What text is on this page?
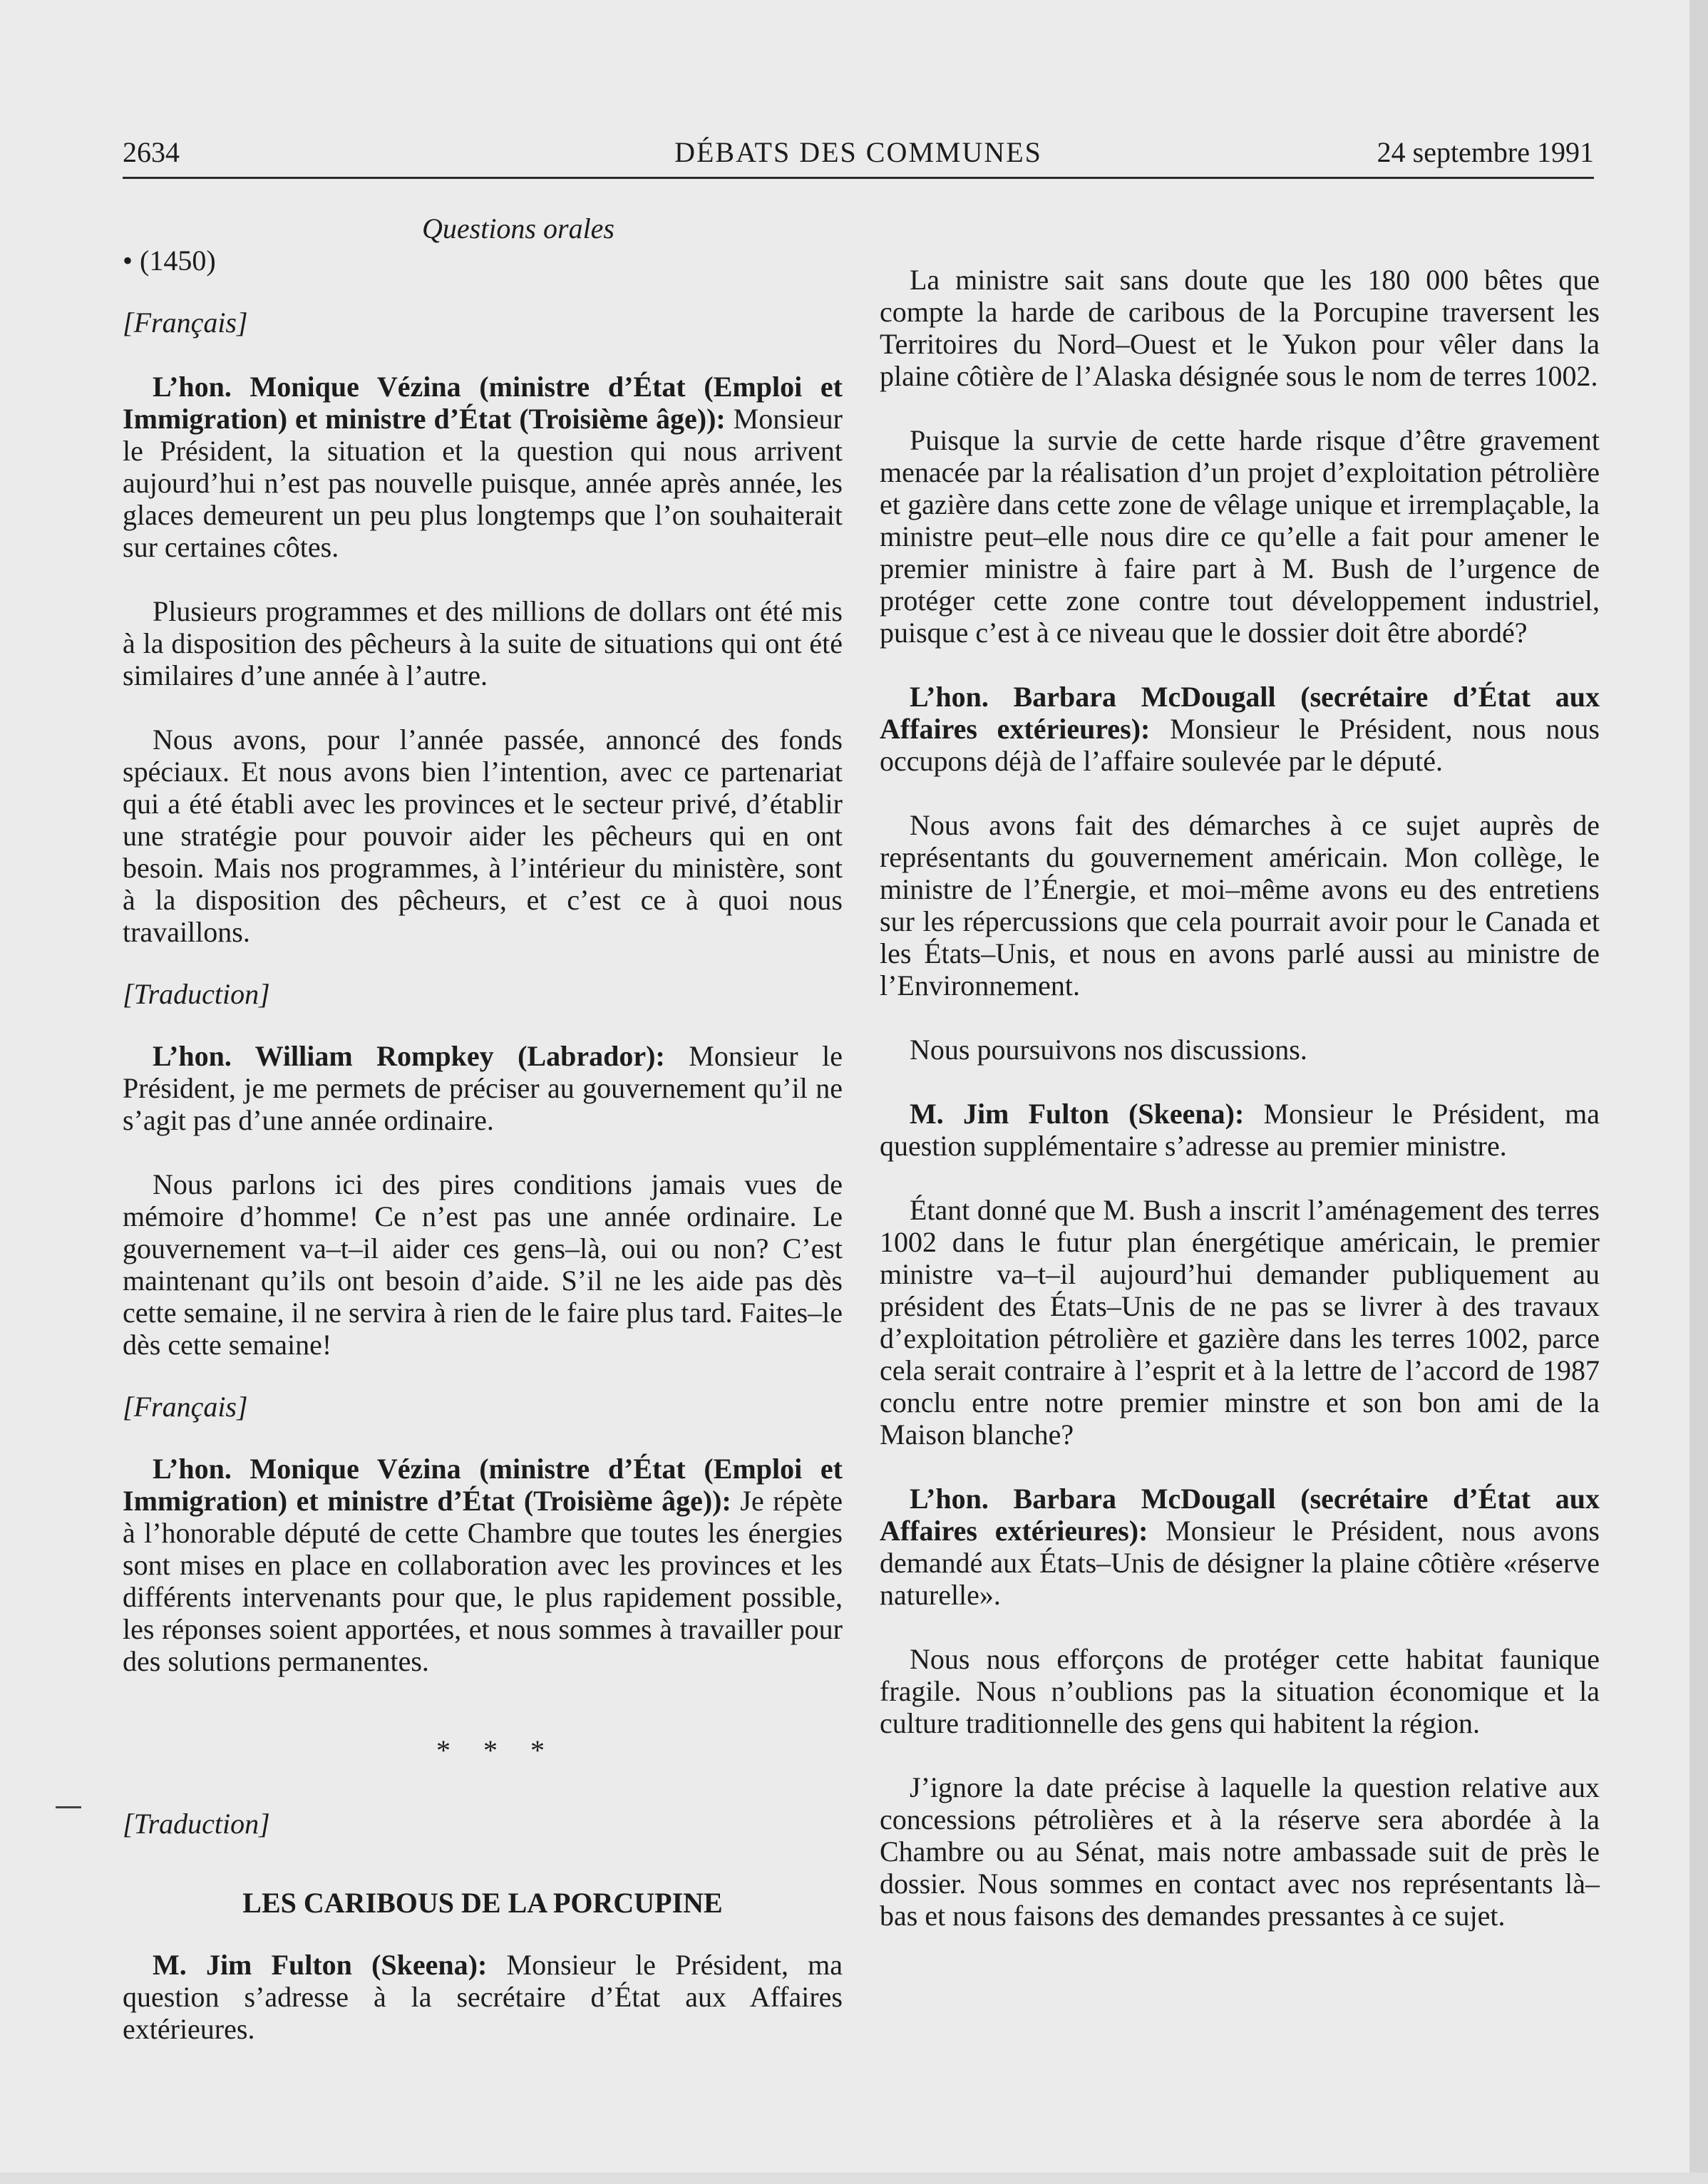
DÉBATS DES COMMUNES
2634	24 septembre 1991

Questions orales

• (1450)

[Français]

L’hon. Monique Vézina (ministre d’État (Emploi et Immigration) et ministre d’État (Troisième âge)): Monsieur le Président, la situation et la question qui nous arrivent aujourd’hui n’est pas nouvelle puisque, année après année, les glaces demeurent un peu plus longtemps que l’on souhaiterait sur certaines côtes.

Plusieurs programmes et des millions de dollars ont été mis à la disposition des pêcheurs à la suite de situations qui ont été similaires d’une année à l’autre.

Nous avons, pour l’année passée, annoncé des fonds spéciaux. Et nous avons bien l’intention, avec ce partenariat qui a été établi avec les provinces et le secteur privé, d’établir une stratégie pour pouvoir aider les pêcheurs qui en ont besoin. Mais nos programmes, à l’intérieur du ministère, sont à la disposition des pêcheurs, et c’est ce à quoi nous travaillons.

[Traduction]

L’hon. William Rompkey (Labrador): Monsieur le Président, je me permets de préciser au gouvernement qu’il ne s’agit pas d’une année ordinaire.

Nous parlons ici des pires conditions jamais vues de mémoire d’homme! Ce n’est pas une année ordinaire. Le gouvernement va–t–il aider ces gens–là, oui ou non? C’est maintenant qu’ils ont besoin d’aide. S’il ne les aide pas dès cette semaine, il ne servira à rien de le faire plus tard. Faites–le dès cette semaine!

[Français]

L’hon. Monique Vézina (ministre d’État (Emploi et Immigration) et ministre d’État (Troisième âge)): Je répète à l’honorable député de cette Chambre que toutes les énergies sont mises en place en collaboration avec les provinces et les différents intervenants pour que, le plus rapidement possible, les réponses soient apportées, et nous sommes à travailler pour des solutions permanentes.

* * *

[Traduction]

LES CARIBOUS DE LA PORCUPINE

M. Jim Fulton (Skeena): Monsieur le Président, ma question s’adresse à la secrétaire d’État aux Affaires extérieures.

La ministre sait sans doute que les 180 000 bêtes que compte la harde de caribous de la Porcupine traversent les Territoires du Nord–Ouest et le Yukon pour vêler dans la plaine côtière de l’Alaska désignée sous le nom de terres 1002.

Puisque la survie de cette harde risque d’être gravement menacée par la réalisation d’un projet d’exploitation pétrolière et gazière dans cette zone de vêlage unique et irremplaçable, la ministre peut–elle nous dire ce qu’elle a fait pour amener le premier ministre à faire part à M. Bush de l’urgence de protéger cette zone contre tout développement industriel, puisque c’est à ce niveau que le dossier doit être abordé?

L’hon. Barbara McDougall (secrétaire d’État aux Affaires extérieures): Monsieur le Président, nous nous occupons déjà de l’affaire soulevée par le député.

Nous avons fait des démarches à ce sujet auprès de représentants du gouvernement américain. Mon collège, le ministre de l’Énergie, et moi–même avons eu des entretiens sur les répercussions que cela pourrait avoir pour le Canada et les États–Unis, et nous en avons parlé aussi au ministre de l’Environnement.

Nous poursuivons nos discussions.

M. Jim Fulton (Skeena): Monsieur le Président, ma question supplémentaire s’adresse au premier ministre.

Étant donné que M. Bush a inscrit l’aménagement des terres 1002 dans le futur plan énergétique américain, le premier ministre va–t–il aujourd’hui demander publiquement au président des États–Unis de ne pas se livrer à des travaux d’exploitation pétrolière et gazière dans les terres 1002, parce cela serait contraire à l’esprit et à la lettre de l’accord de 1987 conclu entre notre premier minstre et son bon ami de la Maison blanche?

L’hon. Barbara McDougall (secrétaire d’État aux Affaires extérieures): Monsieur le Président, nous avons demandé aux États–Unis de désigner la plaine côtière «réserve naturelle».

Nous nous efforçons de protéger cette habitat faunique fragile. Nous n’oublions pas la situation économique et la culture traditionnelle des gens qui habitent la région.

J’ignore la date précise à laquelle la question relative aux concessions pétrolières et à la réserve sera abordée à la Chambre ou au Sénat, mais notre ambassade suit de près le dossier. Nous sommes en contact avec nos représentants là–bas et nous faisons des demandes pressantes à ce sujet.
